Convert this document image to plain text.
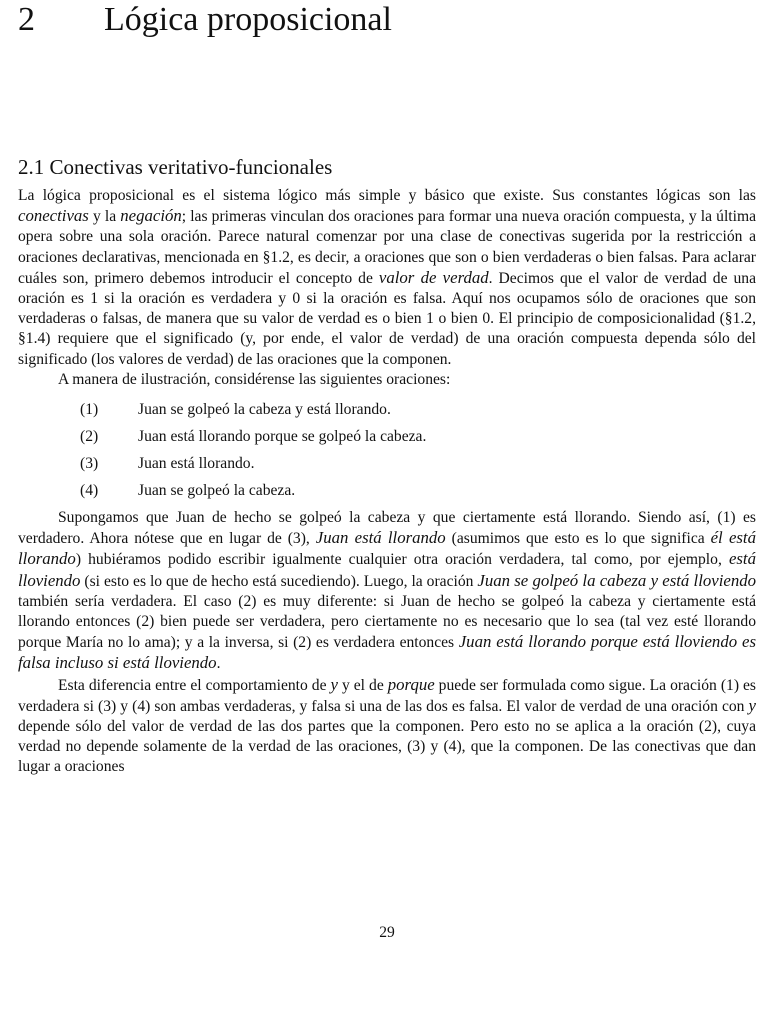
2 Lógica proposicional
2.1 Conectivas veritativo-funcionales

La lógica proposicional es el sistema lógico más simple y básico que existe. Sus constantes lógicas son las conectivas y la negación; las primeras vinculan dos oraciones para formar una nueva oración compuesta, y la última opera sobre una sola oración. Parece natural comenzar por una clase de conectivas sugerida por la restricción a oraciones declarativas, mencionada en §1.2, es decir, a oraciones que son o bien verdaderas o bien falsas. Para aclarar cuáles son, primero debemos introducir el concepto de valor de verdad. Decimos que el valor de verdad de una oración es 1 si la oración es verdadera y 0 si la oración es falsa. Aquí nos ocupamos sólo de oraciones que son verdaderas o falsas, de manera que su valor de verdad es o bien 1 o bien 0. El principio de composicionalidad (§1.2, §1.4) requiere que el significado (y, por ende, el valor de verdad) de una oración compuesta dependa sólo del significado (los valores de verdad) de las oraciones que la componen.

A manera de ilustración, considérense las siguientes oraciones:

(1)	Juan se golpeó la cabeza y está llorando.
(2)	Juan está llorando porque se golpeó la cabeza.
(3)	Juan está llorando.
(4)	Juan se golpeó la cabeza.

Supongamos que Juan de hecho se golpeó la cabeza y que ciertamente está llorando. Siendo así, (1) es verdadero. Ahora nótese que en lugar de (3), Juan está llorando (asumimos que esto es lo que significa él está llorando) hubiéramos podido escribir igualmente cualquier otra oración verdadera, tal como, por ejemplo, está lloviendo (si esto es lo que de hecho está sucediendo). Luego, la oración Juan se golpeó la cabeza y está lloviendo también sería verdadera. El caso (2) es muy diferente: si Juan de hecho se golpeó la cabeza y ciertamente está llorando entonces (2) bien puede ser verdadera, pero ciertamente no es necesario que lo sea (tal vez esté llorando porque María no lo ama); y a la inversa, si (2) es verdadera entonces Juan está llorando porque está lloviendo es falsa incluso si está lloviendo.

Esta diferencia entre el comportamiento de y y el de porque puede ser formulada como sigue. La oración (1) es verdadera si (3) y (4) son ambas verdaderas, y falsa si una de las dos es falsa. El valor de verdad de una oración con y depende sólo del valor de verdad de las dos partes que la componen. Pero esto no se aplica a la oración (2), cuya verdad no depende solamente de la verdad de las oraciones, (3) y (4), que la componen. De las conectivas que dan lugar a oraciones

29
